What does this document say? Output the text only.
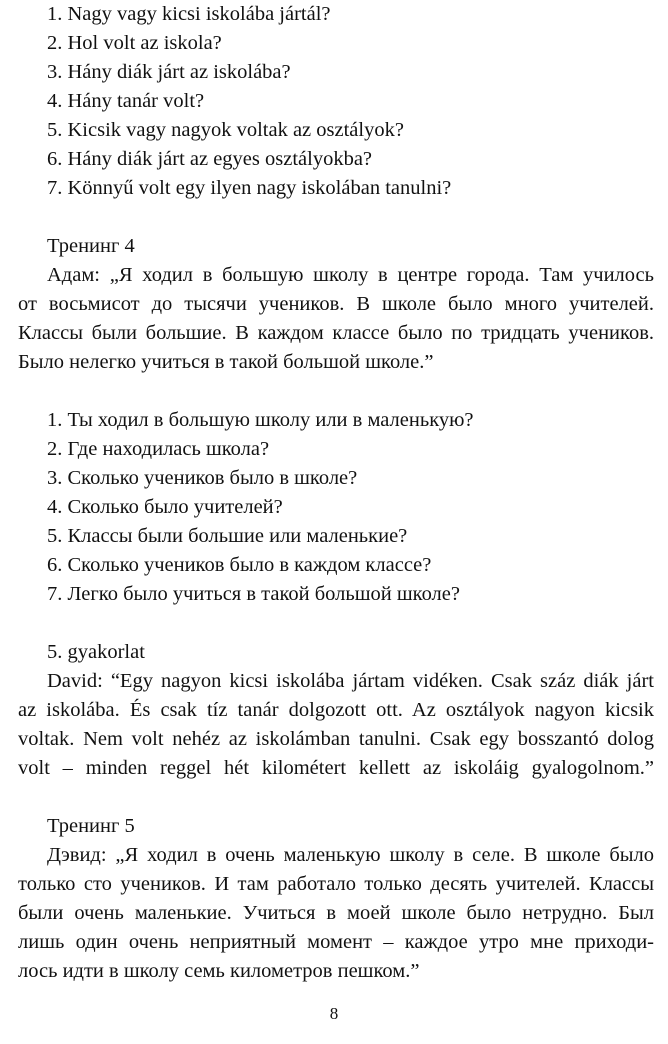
1. Nagy vagy kicsi iskolába jártál?
2. Hol volt az iskola?
3. Hány diák járt az iskolába?
4. Hány tanár volt?
5. Kicsik vagy nagyok voltak az osztályok?
6. Hány diák járt az egyes osztályokba?
7. Könnyű volt egy ilyen nagy iskolában tanulni?
Тренинг 4
Адам: „Я ходил в большую школу в центре города. Там училось
от восьмисот до тысячи учеников. В школе было много учителей.
Классы были большие. В каждом классе было по тридцать учеников.
Было нелегко учиться в такой большой школе.”
1. Ты ходил в большую школу или в маленькую?
2. Где находилась школа?
3. Сколько учеников было в школе?
4. Сколько было учителей?
5. Классы были большие или маленькие?
6. Сколько учеников было в каждом классе?
7. Легко было учиться в такой большой школе?
5. gyakorlat
David: “Egy nagyon kicsi iskolába jártam vidéken. Csak száz diák járt
az iskolába. És csak tíz tanár dolgozott ott. Az osztályok nagyon kicsik
voltak. Nem volt nehéz az iskolámban tanulni. Csak egy bosszantó dolog
volt – minden reggel hét kilométert kellett az iskoláig gyalogolnom.”
Тренинг 5
Дэвид: „Я ходил в очень маленькую школу в селе. В школе было
только сто учеников. И там работало только десять учителей. Классы
были очень маленькие. Учиться в моей школе было нетрудно. Был
лишь один очень неприятный момент – каждое утро мне приходи-
лось идти в школу семь километров пешком.”
8
